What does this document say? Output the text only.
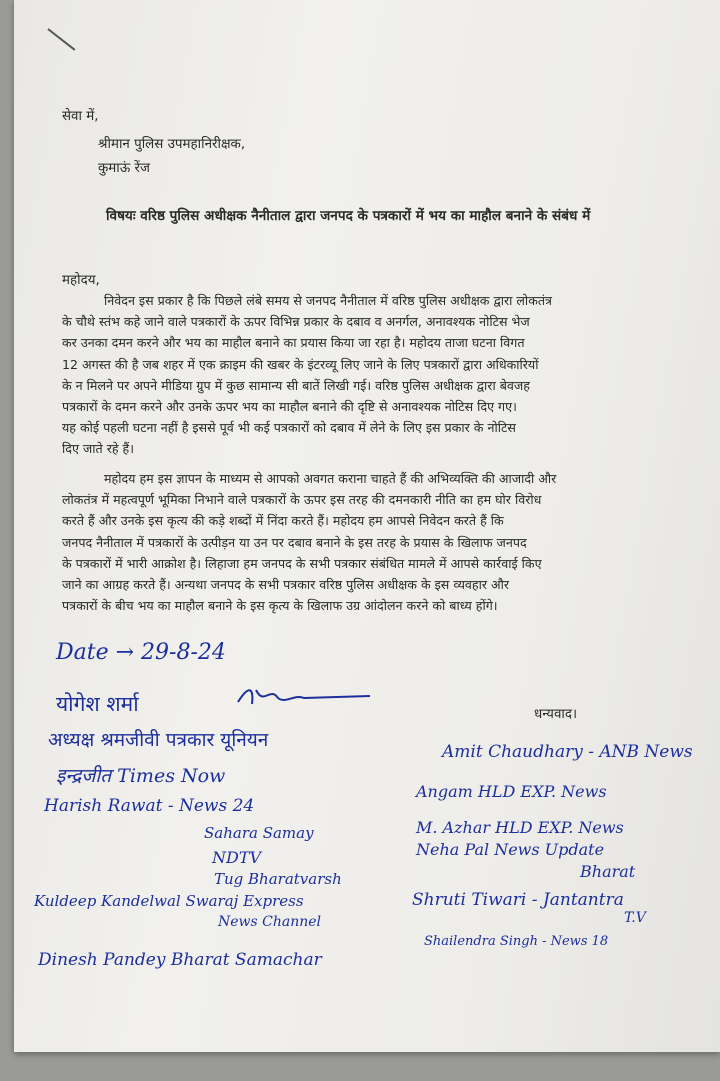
सेवा में,
श्रीमान पुलिस उपमहानिरीक्षक,
कुमाऊं रेंज
विषयः वरिष्ठ पुलिस अधीक्षक नैनीताल द्वारा जनपद के पत्रकारों में भय का माहौल बनाने के संबंध में
महोदय,
निवेदन इस प्रकार है कि पिछले लंबे समय से जनपद नैनीताल में वरिष्ठ पुलिस अधीक्षक द्वारा लोकतंत्र
के चौथे स्तंभ कहे जाने वाले पत्रकारों के ऊपर विभिन्न प्रकार के दबाव व अनर्गल, अनावश्यक नोटिस भेज
कर उनका दमन करने और भय का माहौल बनाने का प्रयास किया जा रहा है। महोदय ताजा घटना विगत
12 अगस्त की है जब शहर में एक क्राइम की खबर के इंटरव्यू लिए जाने के लिए पत्रकारों द्वारा अधिकारियों
के न मिलने पर अपने मीडिया ग्रुप में कुछ सामान्य सी बातें लिखी गई। वरिष्ठ पुलिस अधीक्षक द्वारा बेवजह
पत्रकारों के दमन करने और उनके ऊपर भय का माहौल बनाने की दृष्टि से अनावश्यक नोटिस दिए गए।
यह कोई पहली घटना नहीं है इससे पूर्व भी कई पत्रकारों को दबाव में लेने के लिए इस प्रकार के नोटिस
दिए जाते रहे हैं।
महोदय हम इस ज्ञापन के माध्यम से आपको अवगत कराना चाहते हैं की अभिव्यक्ति की आजादी और
लोकतंत्र में महत्वपूर्ण भूमिका निभाने वाले पत्रकारों के ऊपर इस तरह की दमनकारी नीति का हम घोर विरोध
करते हैं और उनके इस कृत्य की कड़े शब्दों में निंदा करते हैं। महोदय हम आपसे निवेदन करते हैं कि
जनपद नैनीताल में पत्रकारों के उत्पीड़न या उन पर दबाव बनाने के इस तरह के प्रयास के खिलाफ जनपद
के पत्रकारों में भारी आक्रोश है। लिहाजा हम जनपद के सभी पत्रकार संबंधित मामले में आपसे कार्रवाई किए
जाने का आग्रह करते हैं। अन्यथा जनपद के सभी पत्रकार वरिष्ठ पुलिस अधीक्षक के इस व्यवहार और
पत्रकारों के बीच भय का माहौल बनाने के इस कृत्य के खिलाफ उग्र आंदोलन करने को बाध्य होंगे।
धन्यवाद।
Date → 29-8-24
योगेश शर्मा
अध्यक्ष श्रमजीवी पत्रकार यूनियन
इन्द्रजीत Times Now
Harish Rawat - News 24
Sahara Samay
NDTV
Tug Bharatvarsh
Kuldeep Kandelwal Swaraj Express
News Channel
Dinesh Pandey Bharat Samachar
Amit Chaudhary - ANB News
Angam HLD EXP. News
M. Azhar HLD EXP. News
Neha Pal News Update
Bharat
Shruti Tiwari - Jantantra
T.V
Shailendra Singh - News 18
